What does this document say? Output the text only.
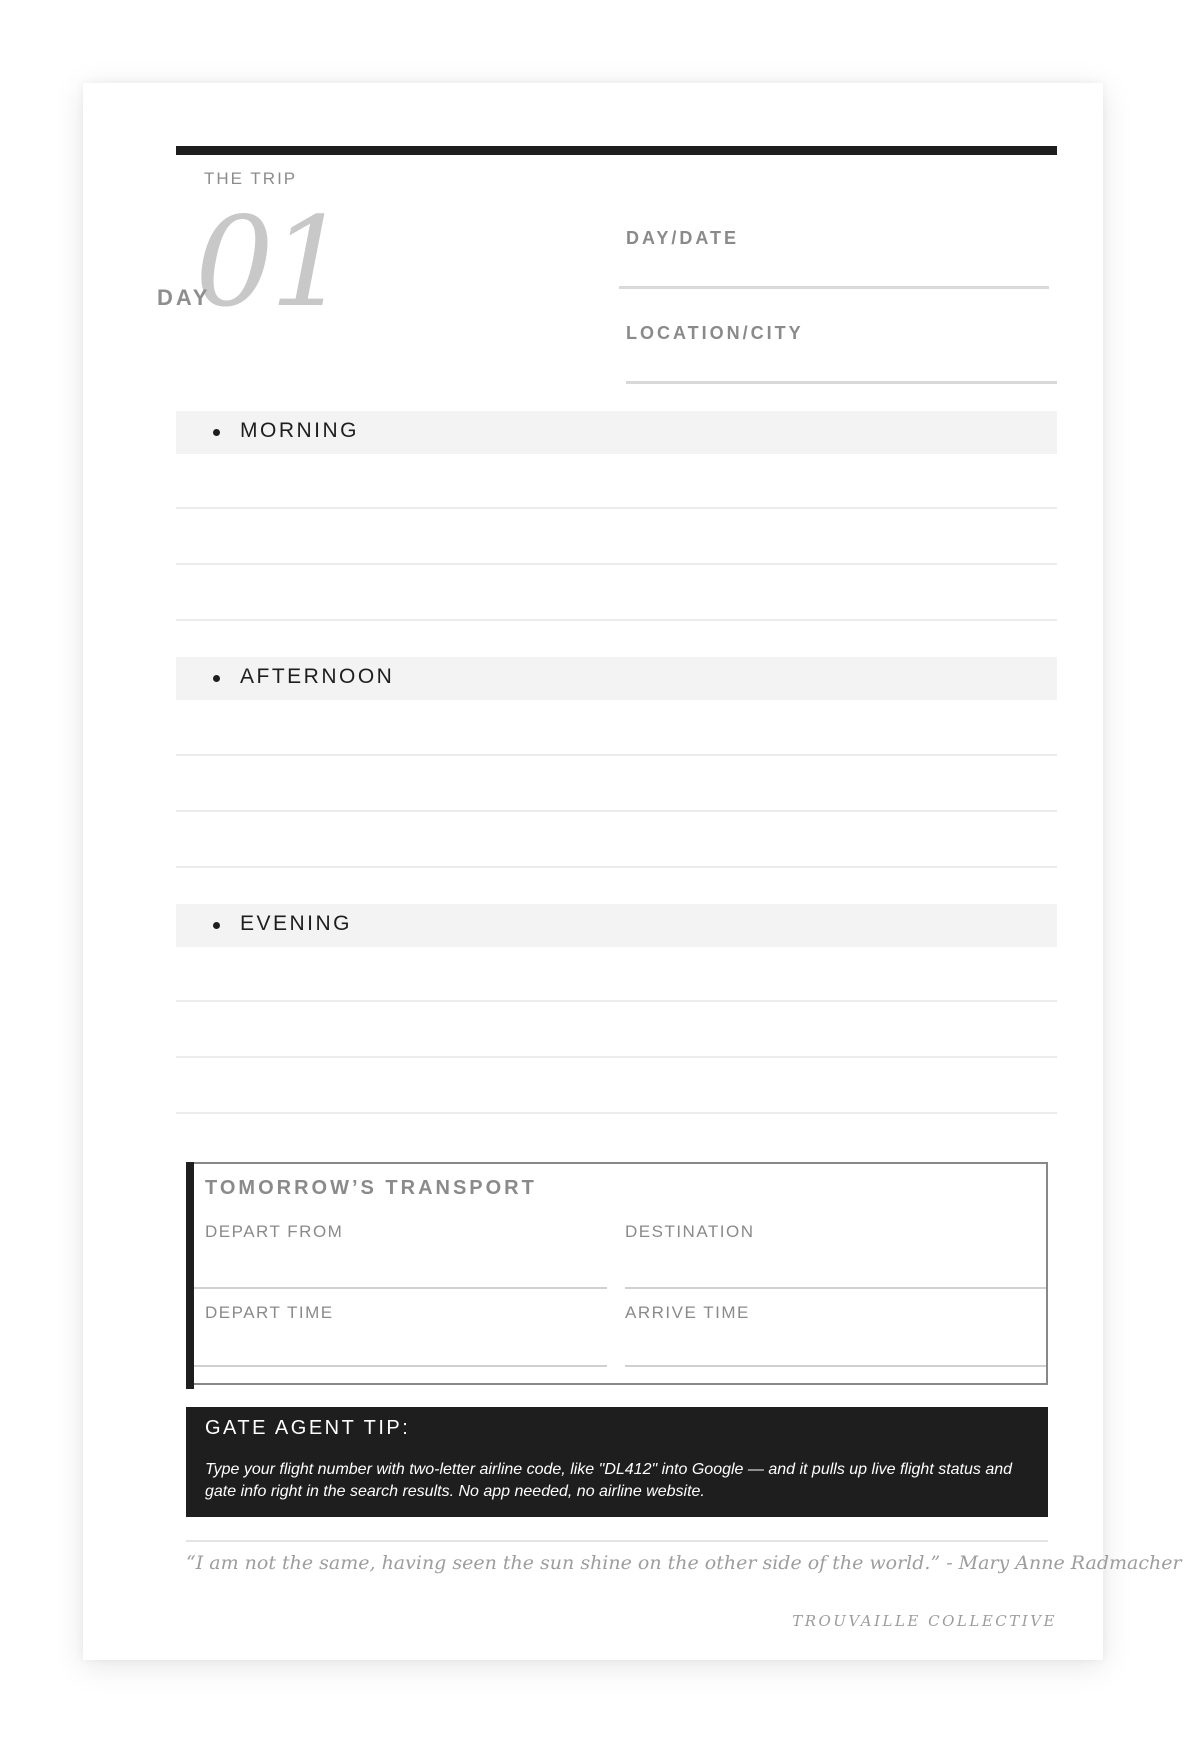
THE TRIP
01
DAY
DAY/DATE
LOCATION/CITY
MORNING
AFTERNOON
EVENING
TOMORROW’S TRANSPORT
DEPART FROM	DESTINATION
DEPART TIME	ARRIVE TIME
GATE AGENT TIP:
Type your flight number with two-letter airline code, like "DL412" into Google — and it pulls up live flight status and gate info right in the search results. No app needed, no airline website.
“I am not the same, having seen the sun shine on the other side of the world.” - Mary Anne Radmacher
TROUVAILLE COLLECTIVE
